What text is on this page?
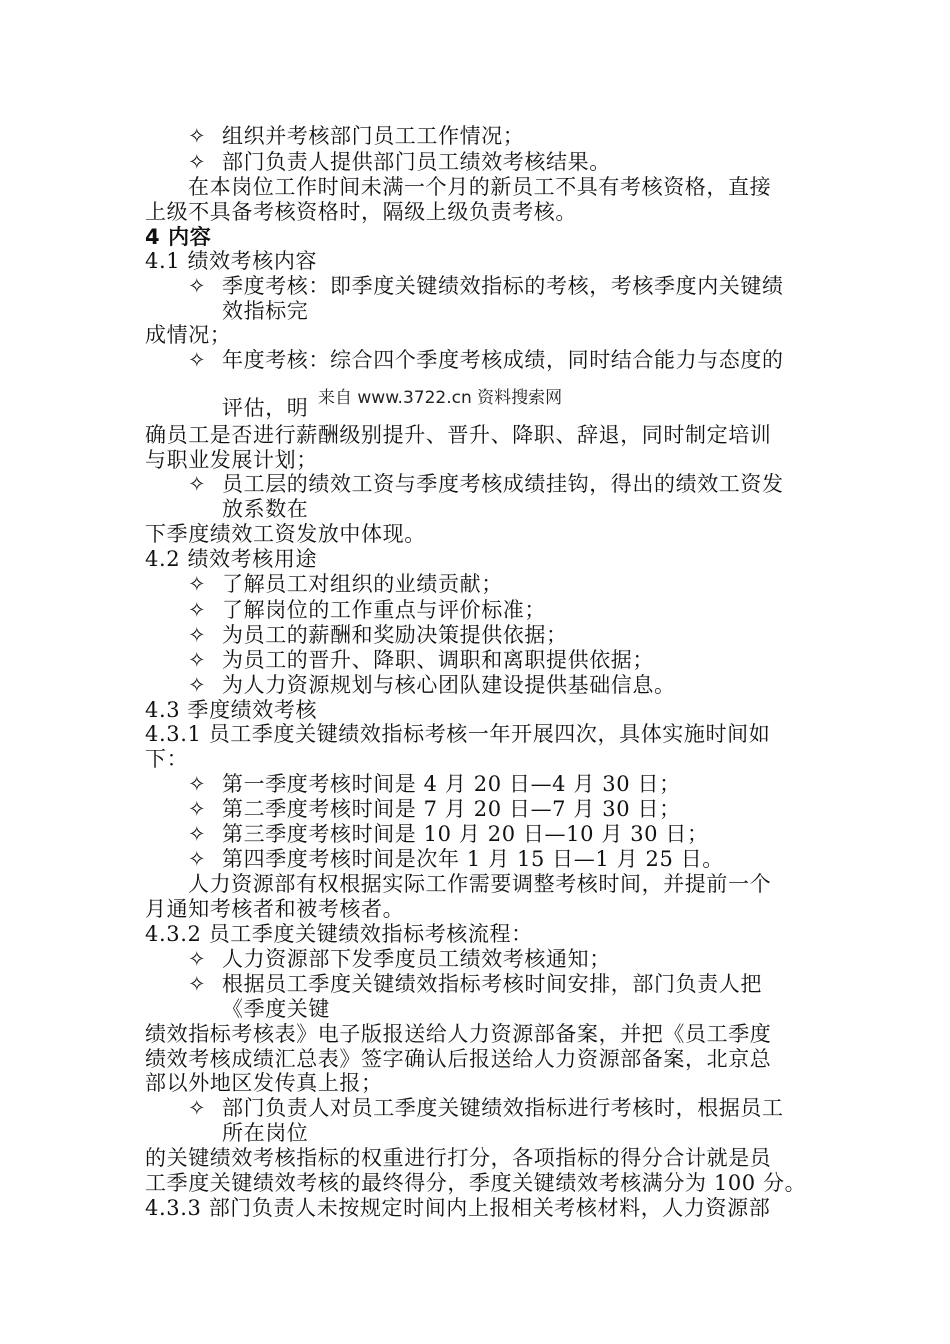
✧
✧
✧
✧
✧
✧
✧
✧
✧
✧
✧
✧
✧
✧
✧
✧
✧
组织并考核部门员工工作情况；
部门负责人提供部门员工绩效考核结果。
在本岗位工作时间未满一个月的新员工不具有考核资格，直接
上级不具备考核资格时，隔级上级负责考核。
4 内容
4.1 绩效考核内容
季度考核：即季度关键绩效指标的考核，考核季度内关键绩
效指标完
成情况；
年度考核：综合四个季度考核成绩，同时结合能力与态度的
评估，明 来自 www.3722.cn 资料搜索网
确员工是否进行薪酬级别提升、晋升、降职、辞退，同时制定培训
与职业发展计划；
员工层的绩效工资与季度考核成绩挂钩，得出的绩效工资发
放系数在
下季度绩效工资发放中体现。
4.2 绩效考核用途
了解员工对组织的业绩贡献；
了解岗位的工作重点与评价标准；
为员工的薪酬和奖励决策提供依据；
为员工的晋升、降职、调职和离职提供依据；
为人力资源规划与核心团队建设提供基础信息。
4.3 季度绩效考核
4.3.1 员工季度关键绩效指标考核一年开展四次，具体实施时间如
下：
第一季度考核时间是 4 月 20 日—4 月 30 日；
第二季度考核时间是 7 月 20 日—7 月 30 日；
第三季度考核时间是 10 月 20 日—10 月 30 日；
第四季度考核时间是次年 1 月 15 日—1 月 25 日。
人力资源部有权根据实际工作需要调整考核时间，并提前一个
月通知考核者和被考核者。
4.3.2 员工季度关键绩效指标考核流程：
人力资源部下发季度员工绩效考核通知；
根据员工季度关键绩效指标考核时间安排，部门负责人把
《季度关键
绩效指标考核表》电子版报送给人力资源部备案，并把《员工季度
绩效考核成绩汇总表》签字确认后报送给人力资源部备案，北京总
部以外地区发传真上报；
部门负责人对员工季度关键绩效指标进行考核时，根据员工
所在岗位
的关键绩效考核指标的权重进行打分，各项指标的得分合计就是员
工季度关键绩效考核的最终得分，季度关键绩效考核满分为 100 分。
4.3.3 部门负责人未按规定时间内上报相关考核材料，人力资源部
